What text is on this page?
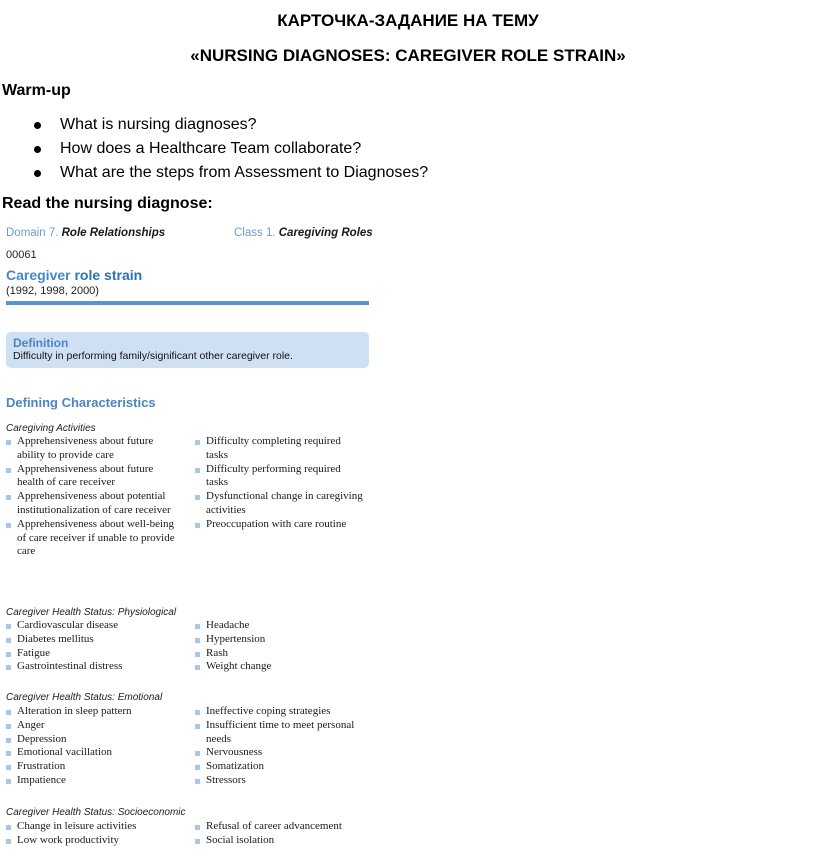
КАРТОЧКА-ЗАДАНИЕ НА ТЕМУ
«NURSING DIAGNOSES: CAREGIVER ROLE STRAIN»
Warm-up
What is nursing diagnoses?
How does a Healthcare Team collaborate?
What are the steps from Assessment to Diagnoses?
Read the nursing diagnose:
Domain 7. Role Relationships	Class 1. Caregiving Roles
00061
Caregiver role strain
(1992, 1998, 2000)
Definition
Difficulty in performing family/significant other caregiver role.
Defining Characteristics
Caregiving Activities
Apprehensiveness about future ability to provide care
Apprehensiveness about future health of care receiver
Apprehensiveness about potential institutionalization of care receiver
Apprehensiveness about well-being of care receiver if unable to provide care
Difficulty completing required tasks
Difficulty performing required tasks
Dysfunctional change in caregiving activities
Preoccupation with care routine
Caregiver Health Status: Physiological
Cardiovascular disease
Diabetes mellitus
Fatigue
Gastrointestinal distress
Headache
Hypertension
Rash
Weight change
Caregiver Health Status: Emotional
Alteration in sleep pattern
Anger
Depression
Emotional vacillation
Frustration
Impatience
Ineffective coping strategies
Insufficient time to meet personal needs
Nervousness
Somatization
Stressors
Caregiver Health Status: Socioeconomic
Change in leisure activities
Low work productivity
Refusal of career advancement
Social isolation
